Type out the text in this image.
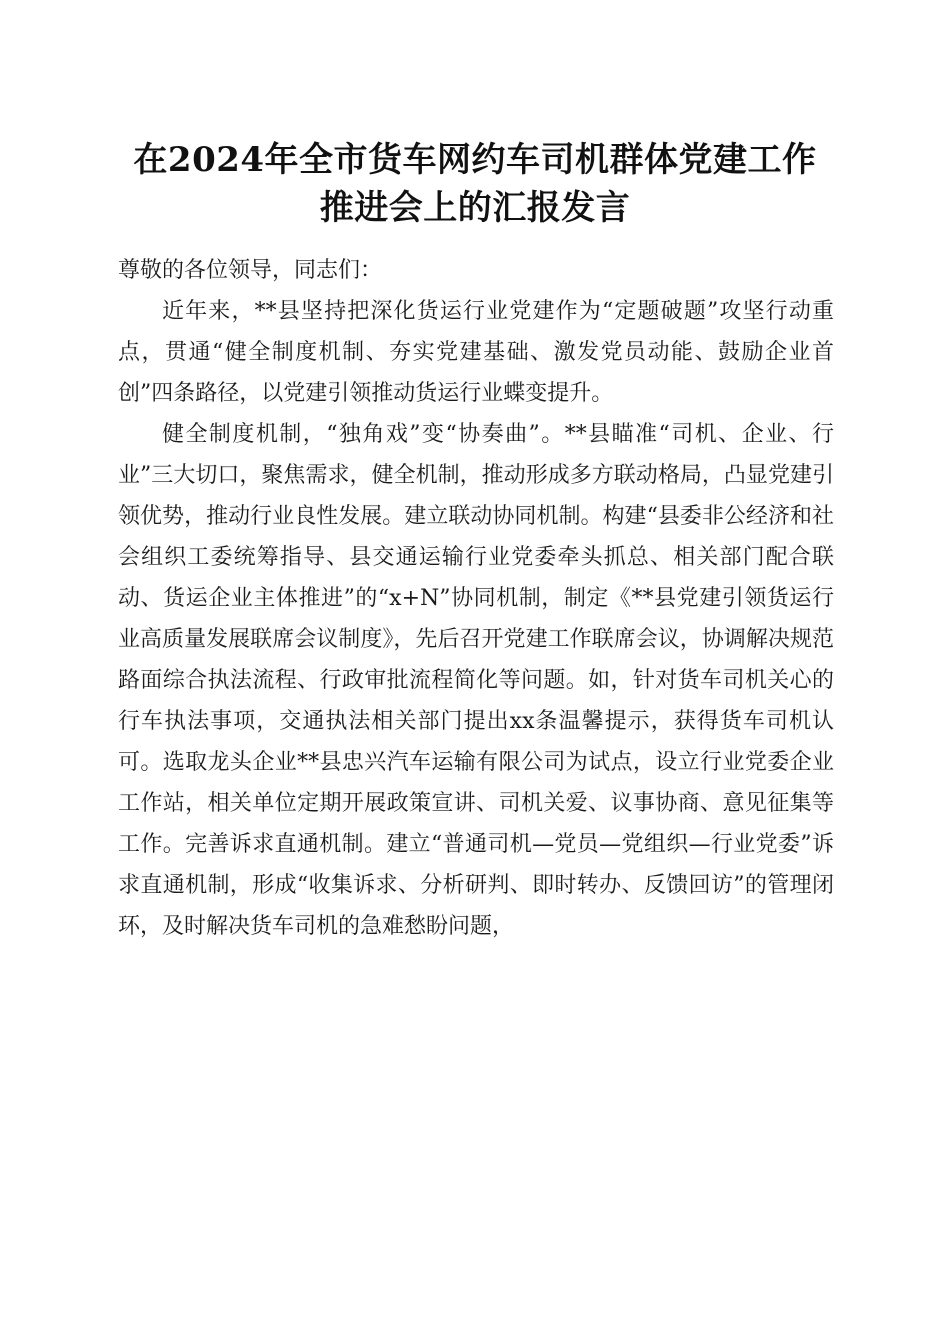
在2024年全市货车网约车司机群体党建工作
推进会上的汇报发言

尊敬的各位领导，同志们：

近年来，**县坚持把深化货运行业党建作为“定题破题”攻坚行动重点，贯通“健全制度机制、夯实党建基础、激发党员动能、鼓励企业首创”四条路径，以党建引领推动货运行业蝶变提升。

健全制度机制，“独角戏”变“协奏曲”。**县瞄准“司机、企业、行业”三大切口，聚焦需求，健全机制，推动形成多方联动格局，凸显党建引领优势，推动行业良性发展。建立联动协同机制。构建“县委非公经济和社会组织工委统筹指导、县交通运输行业党委牵头抓总、相关部门配合联动、货运企业主体推进”的“x+N”协同机制，制定《**县党建引领货运行业高质量发展联席会议制度》，先后召开党建工作联席会议，协调解决规范路面综合执法流程、行政审批流程简化等问题。如，针对货车司机关心的行车执法事项，交通执法相关部门提出xx条温馨提示，获得货车司机认可。选取龙头企业**县忠兴汽车运输有限公司为试点，设立行业党委企业工作站，相关单位定期开展政策宣讲、司机关爱、议事协商、意见征集等工作。完善诉求直通机制。建立“普通司机—党员—党组织—行业党委”诉求直通机制，形成“收集诉求、分析研判、即时转办、反馈回访”的管理闭环，及时解决货车司机的急难愁盼问题，
